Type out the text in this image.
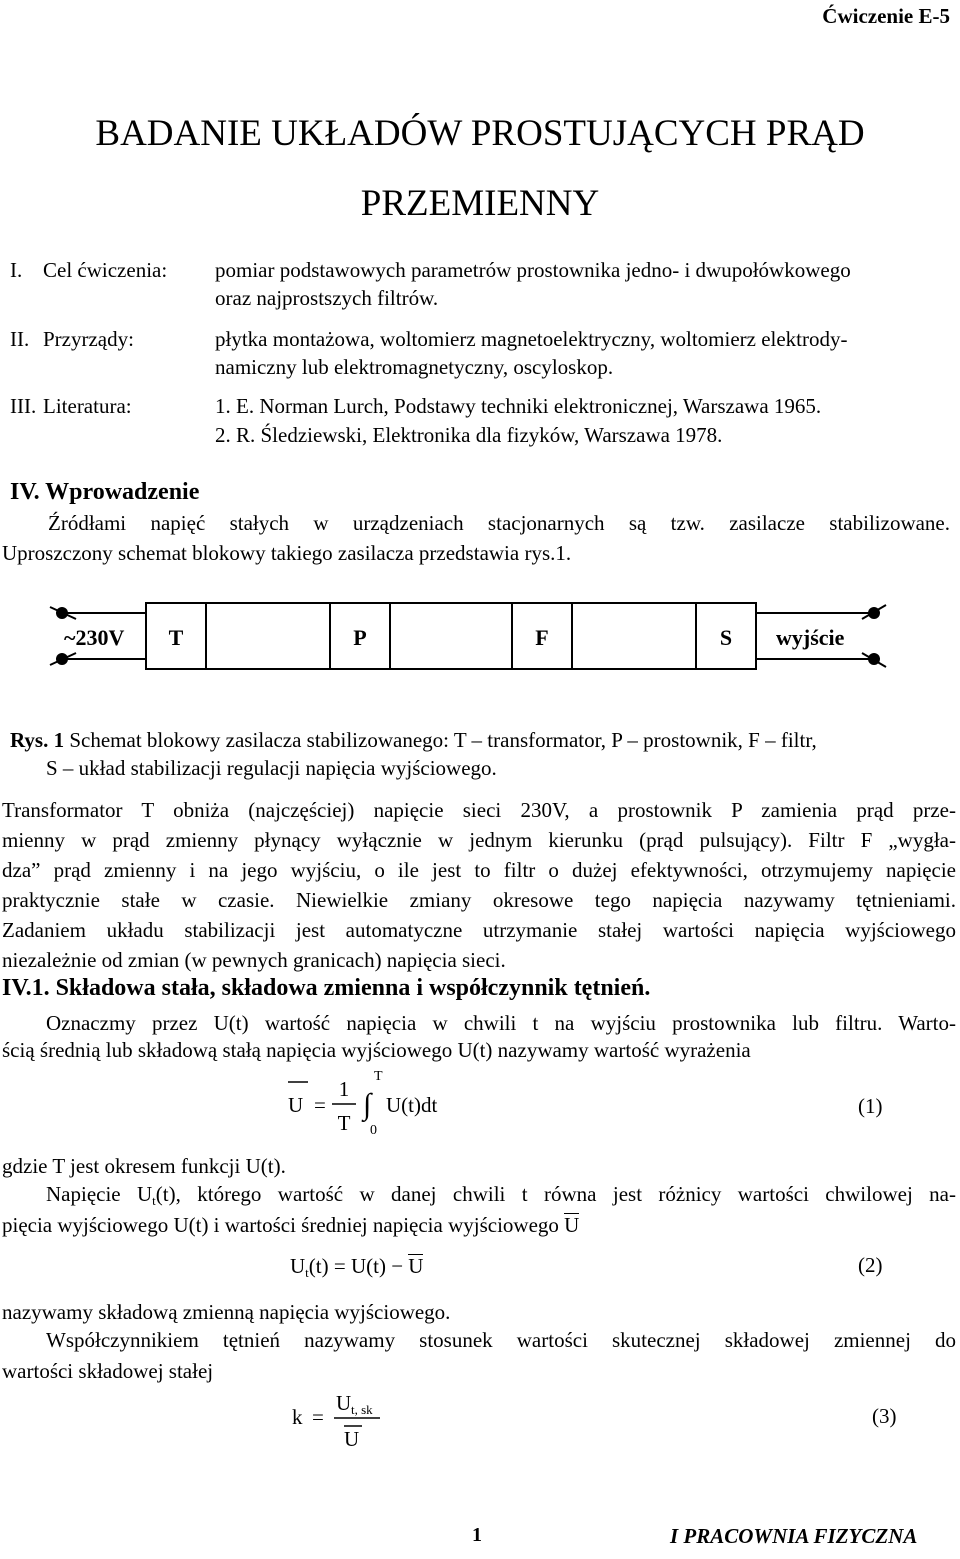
Ćwiczenie E-5
BADANIE UKŁADÓW PROSTUJĄCYCH PRĄD
PRZEMIENNY
I. Cel ćwiczenia: pomiar podstawowych parametrów prostownika jedno- i dwupołówkowego
oraz najprostszych filtrów.
II. Przyrządy:	płytka montażowa, woltomierz magnetoelektryczny, woltomierz elektrody-
namiczny lub elektromagnetyczny, oscyloskop.
III. Literatura:	1. E. Norman Lurch, Podstawy techniki elektronicznej, Warszawa 1965.
2. R. Śledziewski, Elektronika dla fizyków, Warszawa 1978.
IV. Wprowadzenie
Źródłami napięć stałych w urządzeniach stacjonarnych są tzw. zasilacze stabilizowane.
Uproszczony schemat blokowy takiego zasilacza przedstawia rys.1.
~230V T	P	F	S wyjście
Rys. 1 Schemat blokowy zasilacza stabilizowanego: T – transformator, P – prostownik, F – filtr,
S – układ stabilizacji regulacji napięcia wyjściowego.
Transformator T obniża (najczęściej) napięcie sieci 230V, a prostownik P zamienia prąd prze-
mienny w prąd zmienny płynący wyłącznie w jednym kierunku (prąd pulsujący). Filtr F „wygła-
dza” prąd zmienny i na jego wyjściu, o ile jest to filtr o dużej efektywności, otrzymujemy napięcie
praktycznie stałe w czasie. Niewielkie zmiany okresowe tego napięcia nazywamy tętnieniami.
Zadaniem układu stabilizacji jest automatyczne utrzymanie stałej wartości napięcia wyjściowego
niezależnie od zmian (w pewnych granicach) napięcia sieci.
IV.1. Składowa stała, składowa zmienna i współczynnik tętnień.
Oznaczmy przez U(t) wartość napięcia w chwili t na wyjściu prostownika lub filtru. Warto-
ścią średnią lub składową stałą napięcia wyjściowego U(t) nazywamy wartość wyrażenia
U =
1
T
∫
T
0
U(t)dt	(1)
gdzie T jest okresem funkcji U(t).
Napięcie $U_t(t)$, którego wartość w danej chwili t równa jest różnicy wartości chwilowej na-
pięcia wyjściowego U(t) i wartości średniej napięcia wyjściowego U
$U_t(t) = U(t) - U$	(2)
nazywamy składową zmienną napięcia wyjściowego.
Współczynnikiem tętnień nazywamy stosunek wartości skutecznej składowej zmiennej do
wartości składowej stałej
k =
U t, sk
U
(3)
1	I PRACOWNIA FIZYCZNA
